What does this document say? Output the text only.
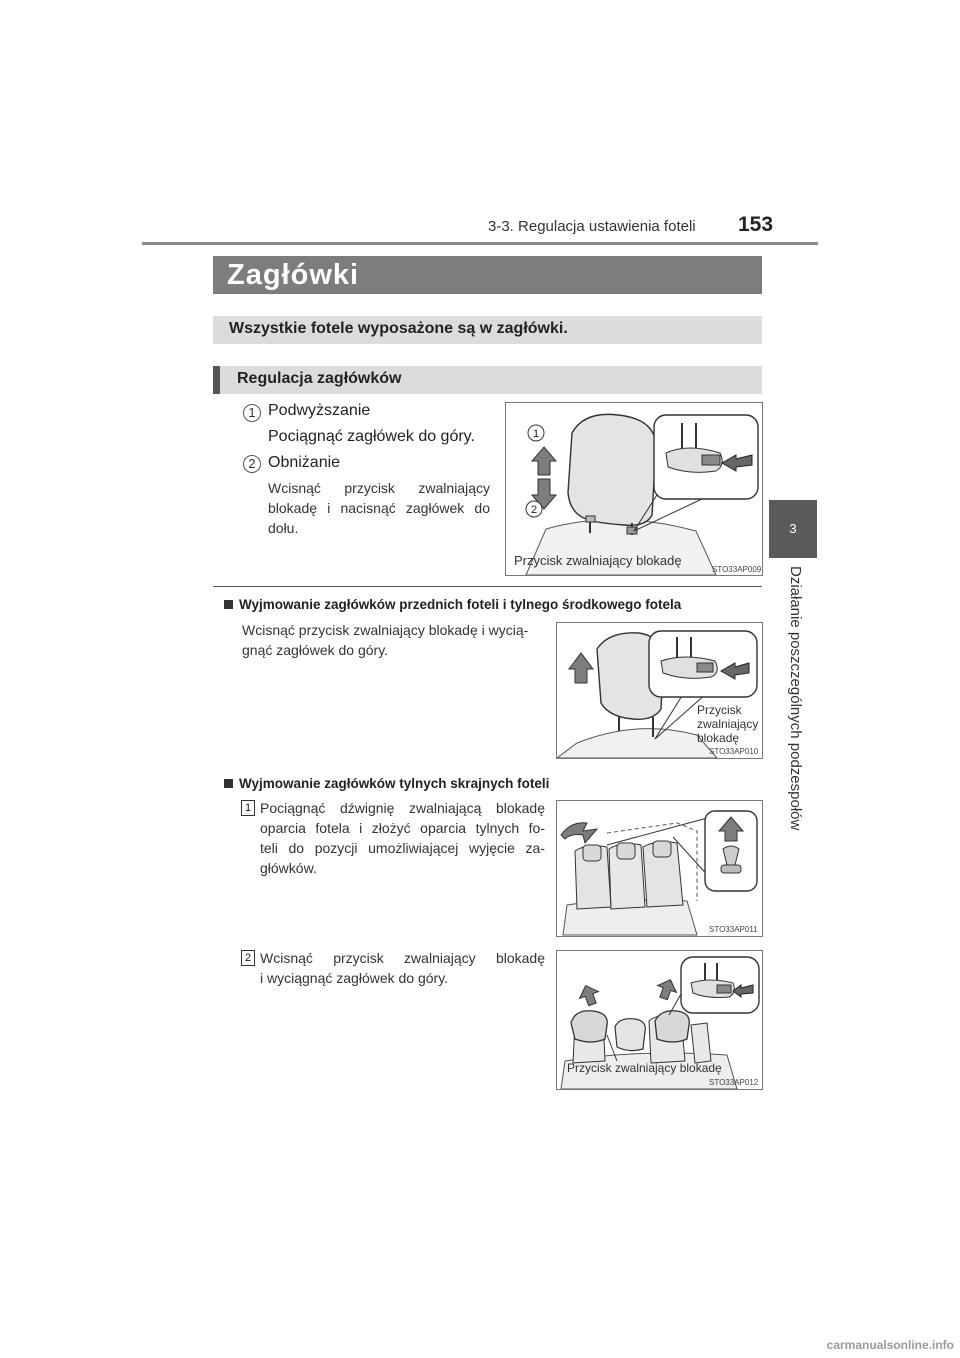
3-3. Regulacja ustawienia foteli 153
3
Działanie poszczególnych podzespołów
Zagłówki
Wszystkie fotele wyposażone są w zagłówki.
Regulacja zagłówków
1 Podwyższanie
Pociągnąć zagłówek do góry.
2 Obniżanie
Wcisnąć przycisk zwalniający
blokadę i nacisnąć zagłówek do
dołu.
1
2
Przycisk zwalniający blokadę
STO33AP009
Wyjmowanie zagłówków przednich foteli i tylnego środkowego fotela
Wcisnąć przycisk zwalniający blokadę i wycią-
gnąć zagłówek do góry.
Przycisk
zwalniający
blokadę
STO33AP010
Wyjmowanie zagłówków tylnych skrajnych foteli
1 Pociągnąć dźwignię zwalniającą blokadę
oparcia fotela i złożyć oparcia tylnych fo-
teli do pozycji umożliwiającej wyjęcie za-
główków.
STO33AP011
2 Wcisnąć przycisk zwalniający blokadę
i wyciągnąć zagłówek do góry.
Przycisk zwalniający blokadę
STO33AP012
carmanualsonline.info
